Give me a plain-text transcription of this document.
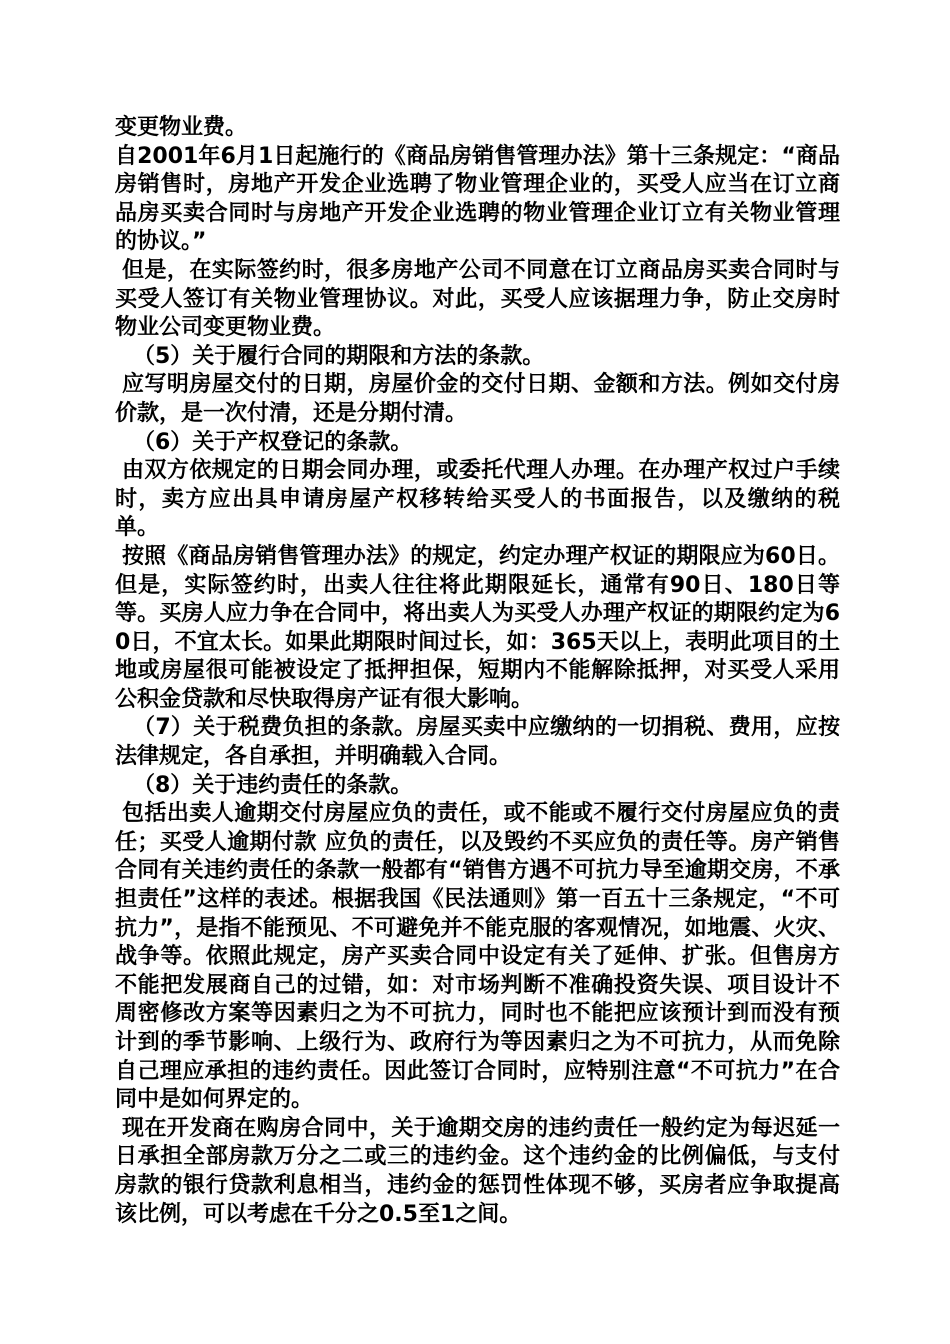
变更物业费。

自2001年6月1日起施行的《商品房销售管理办法》第十三条规定：“商品房销售时，房地产开发企业选聘了物业管理企业的，买受人应当在订立商品房买卖合同时与房地产开发企业选聘的物业管理企业订立有关物业管理的协议。”

但是，在实际签约时，很多房地产公司不同意在订立商品房买卖合同时与买受人签订有关物业管理协议。对此，买受人应该据理力争，防止交房时物业公司变更物业费。

（5）关于履行合同的期限和方法的条款。

应写明房屋交付的日期，房屋价金的交付日期、金额和方法。例如交付房价款，是一次付清，还是分期付清。

（6）关于产权登记的条款。

由双方依规定的日期会同办理，或委托代理人办理。在办理产权过户手续时，卖方应出具申请房屋产权移转给买受人的书面报告，以及缴纳的税单。

按照《商品房销售管理办法》的规定，约定办理产权证的期限应为60日。但是，实际签约时，出卖人往往将此期限延长，通常有90日、180日等等。买房人应力争在合同中，将出卖人为买受人办理产权证的期限约定为60日，不宜太长。如果此期限时间过长，如：365天以上，表明此项目的土地或房屋很可能被设定了抵押担保，短期内不能解除抵押，对买受人采用公积金贷款和尽快取得房产证有很大影响。

（7）关于税费负担的条款。房屋买卖中应缴纳的一切捐税、费用，应按法律规定，各自承担，并明确载入合同。

（8）关于违约责任的条款。

包括出卖人逾期交付房屋应负的责任，或不能或不履行交付房屋应负的责任；买受人逾期付款 应负的责任，以及毁约不买应负的责任等。房产销售合同有关违约责任的条款一般都有“销售方遇不可抗力导至逾期交房，不承担责任”这样的表述。根据我国《民法通则》第一百五十三条规定，“不可抗力”，是指不能预见、不可避免并不能克服的客观情况，如地震、火灾、战争等。依照此规定，房产买卖合同中设定有关了延伸、扩张。但售房方不能把发展商自己的过错，如：对市场判断不准确投资失误、项目设计不周密修改方案等因素归之为不可抗力，同时也不能把应该预计到而没有预计到的季节影响、上级行为、政府行为等因素归之为不可抗力，从而免除自己理应承担的违约责任。因此签订合同时，应特别注意“不可抗力”在合同中是如何界定的。

现在开发商在购房合同中，关于逾期交房的违约责任一般约定为每迟延一日承担全部房款万分之二或三的违约金。这个违约金的比例偏低，与支付房款的银行贷款利息相当，违约金的惩罚性体现不够，买房者应争取提高该比例，可以考虑在千分之0.5至1之间。
